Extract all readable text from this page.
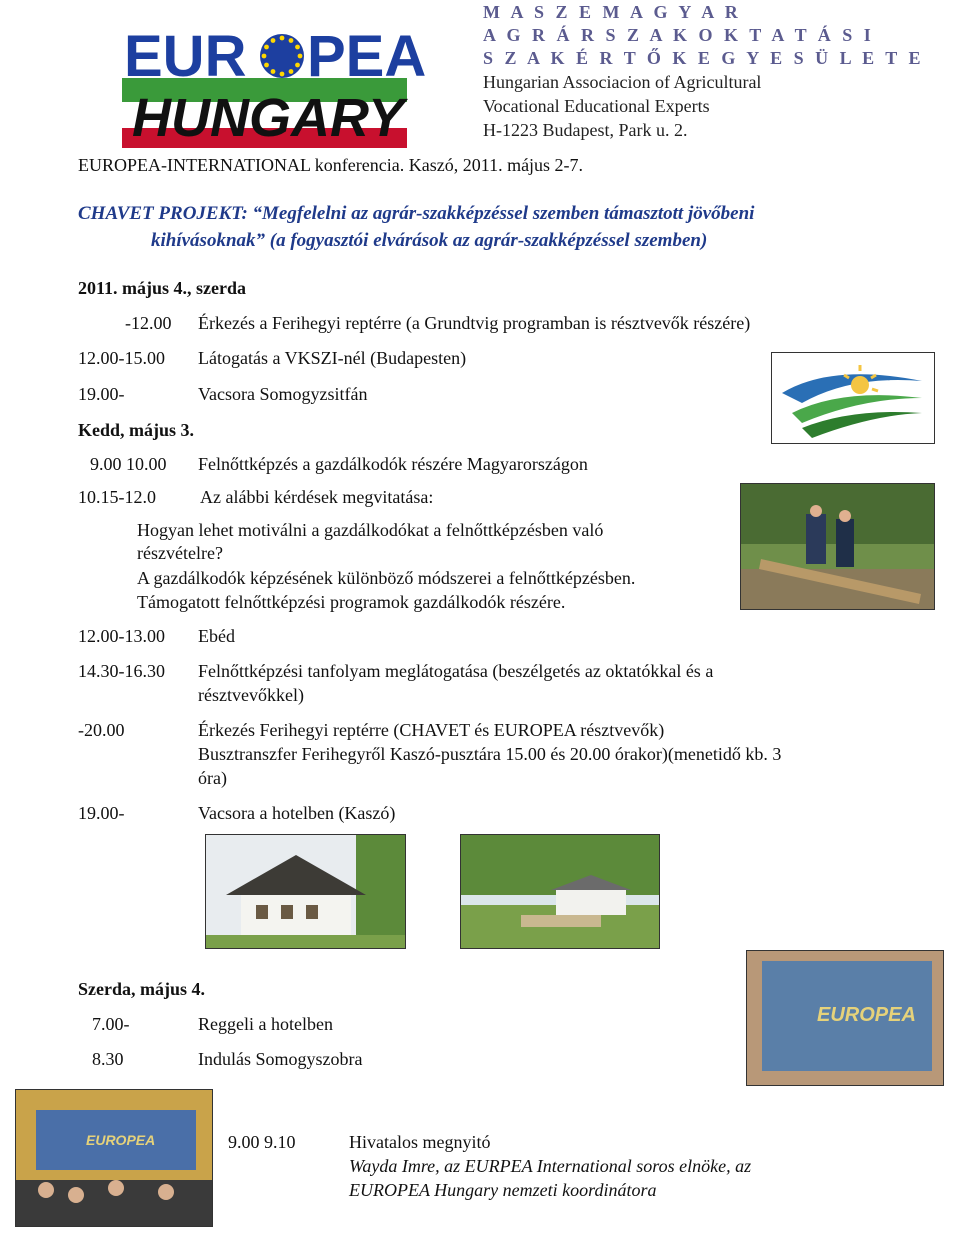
EUR PEA
HUNGARY
M A S Z E M A G Y A R
A G R Á R S Z A K O K T A T Á S I
S Z A K É R T Ő K E G Y E S Ü L E T E
Hungarian Associacion of Agricultural
Vocational Educational Experts
H-1223 Budapest, Park u. 2.
EUROPEA-INTERNATIONAL konferencia. Kaszó, 2011. május 2-7.
CHAVET PROJEKT: “Megfelelni az agrár-szakképzéssel szemben támasztott jövőbeni
kihívásoknak” (a fogyasztói elvárások az agrár-szakképzéssel szemben)
2011. május 4., szerda
-12.00 Érkezés a Ferihegyi reptérre (a Grundtvig programban is résztvevők részére)
12.00-15.00 Látogatás a VKSZI-nél (Budapesten)
19.00-	Vacsora Somogyzsitfán
Kedd, május 3.
9.00 10.00 Felnőttképzés a gazdálkodók részére Magyarországon
10.15-12.0 Az alábbi kérdések megvitatása:
Hogyan lehet motiválni a gazdálkodókat a felnőttképzésben való
részvételre?
A gazdálkodók képzésének különböző módszerei a felnőttképzésben.
Támogatott felnőttképzési programok gazdálkodók részére.
12.00-13.00 Ebéd
14.30-16.30 Felnőttképzési tanfolyam meglátogatása (beszélgetés az oktatókkal és a
résztvevőkkel)
-20.00	Érkezés Ferihegyi reptérre (CHAVET és EUROPEA résztvevők)
Busztranszfer Ferihegyről Kaszó-pusztára 15.00 és 20.00 órakor)(menetidő kb. 3
óra)
19.00-	Vacsora a hotelben (Kaszó)
Szerda, május 4.
7.00-	Reggeli a hotelben
8.30	Indulás Somogyszobra
EUROPEA
EUROPEA	9.00 9.10	Hivatalos megnyitó
Wayda Imre, az EURPEA International soros elnöke, az
EUROPEA Hungary nemzeti koordinátora
